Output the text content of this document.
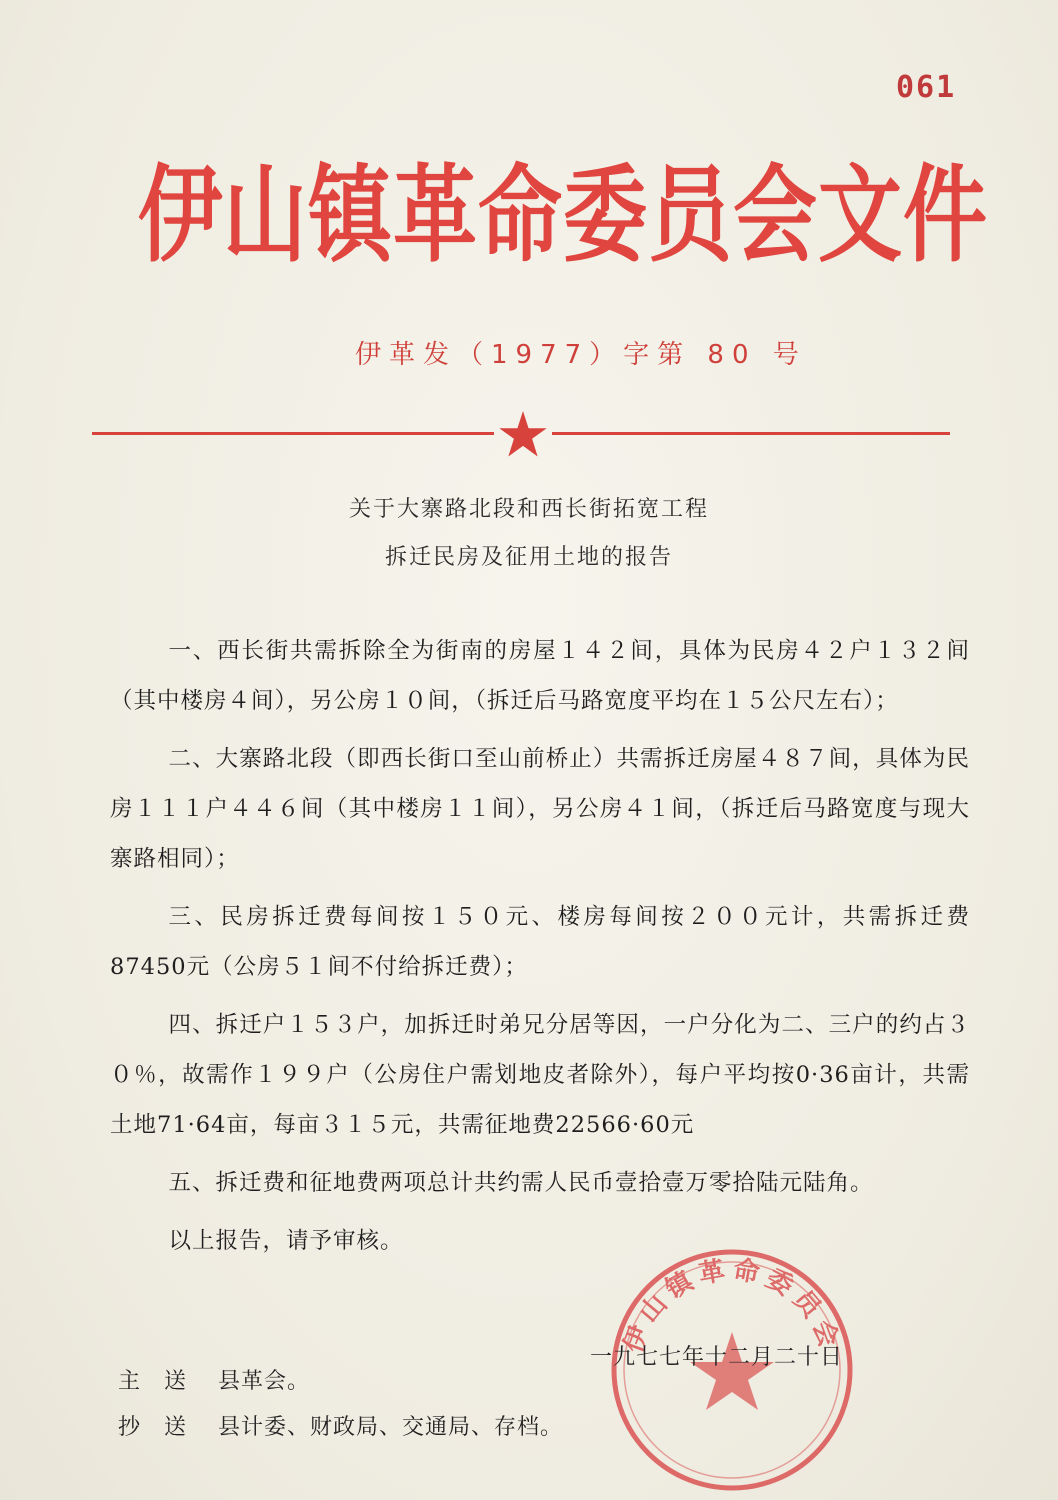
061
伊山镇革命委员会文件
伊革发（1977）字第 80 号
关于大寨路北段和西长街拓宽工程
拆迁民房及征用土地的报告

一、西长街共需拆除全为街南的房屋１４２间，具体为民房４２户１３２间（其中楼房４间），另公房１０间，（拆迁后马路宽度平均在１５公尺左右）；

二、大寨路北段（即西长街口至山前桥止）共需拆迁房屋４８７间，具体为民房１１１户４４６间（其中楼房１１间），另公房４１间，（拆迁后马路宽度与现大寨路相同）；

三、民房拆迁费每间按１５０元、楼房每间按２００元计，共需拆迁费87450元（公房５１间不付给拆迁费）；

四、拆迁户１５３户，加拆迁时弟兄分居等因，一户分化为二、三户的约占３０％，故需作１９９户（公房住户需划地皮者除外），每户平均按0·36亩计，共需土地71·64亩，每亩３１５元，共需征地费22566·60元

五、拆迁费和征地费两项总计共约需人民币壹拾壹万零拾陆元陆角。

以上报告，请予审核。

伊山镇革命委员会
一九七七年十二月二十日
主送 县革会。
抄送 县计委、财政局、交通局、存档。
